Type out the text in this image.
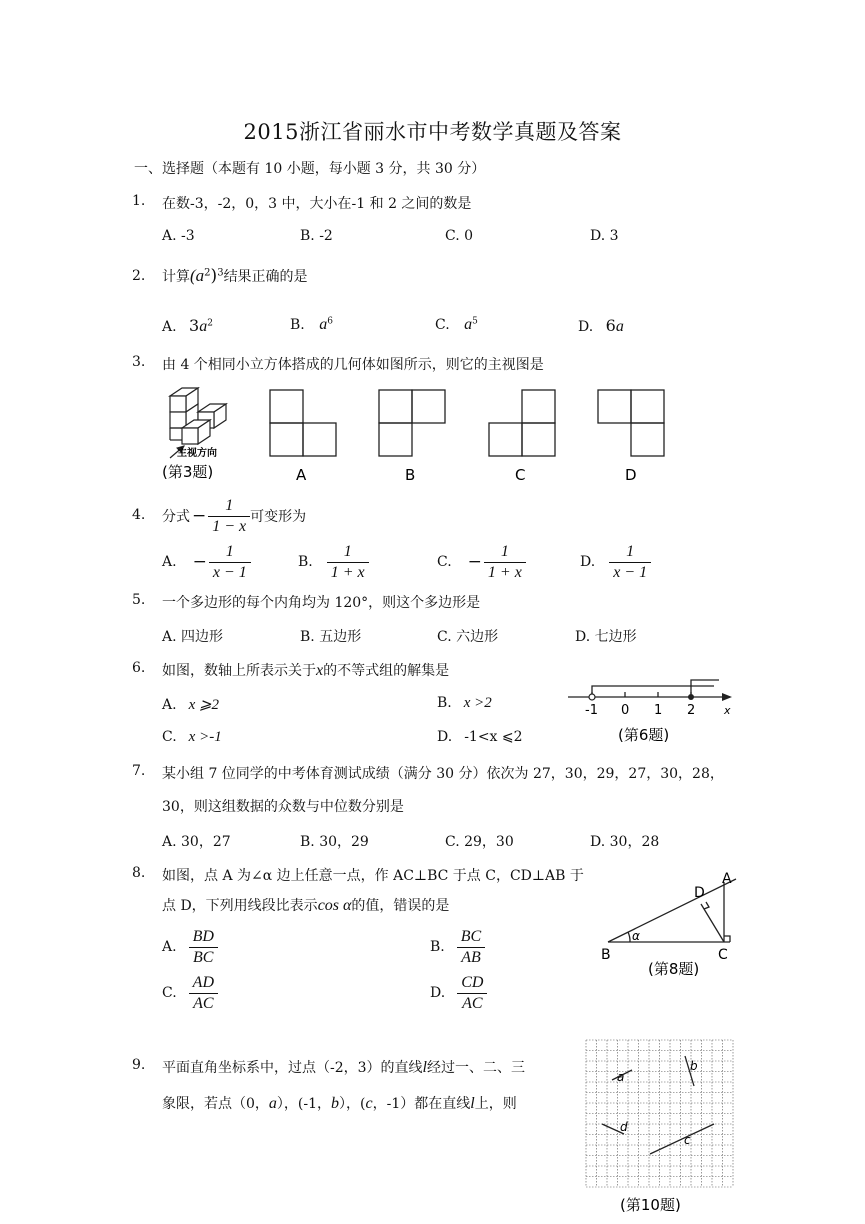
2015浙江省丽水市中考数学真题及答案
一、选择题（本题有 10 小题，每小题 3 分，共 30 分）
1. 在数-3，-2，0，3 中，大小在-1 和 2 之间的数是
A. -3	B. -2	C. 0	D. 3
2. 计算$(a^2)^3$结果正确的是
A. $3a^2$	B. $a^6$	C. $a^5$	D. 6a
3. 由 4 个相同小立方体搭成的几何体如图所示，则它的主视图是
主视方向
(第3题)	A	B	C	D
4. 分式 − $\frac{1}{1 - x}$ 可变形为
A. − $\frac{1}{x - 1}$	B. $\frac{1}{1 + x}$	C. − $\frac{1}{1 + x}$	D. $\frac{1}{x - 1}$
5. 一个多边形的每个内角均为 120°，则这个多边形是
A. 四边形	B. 五边形	C. 六边形	D. 七边形
6. 如图，数轴上所表示关于x的不等式组的解集是
A. x ⩾2	B. x >2
C. x >-1	D. -1<x ⩽2
-1 0 1 2	x
(第6题)
7. 某小组 7 位同学的中考体育测试成绩（满分 30 分）依次为 27，30，29，27，30，28，
30，则这组数据的众数与中位数分别是
A. 30，27	B. 30，29	C. 29，30	D. 30，28
8. 如图，点 A 为∠α 边上任意一点，作 AC⊥BC 于点 C，CD⊥AB 于
点 D，下列用线段比表示cos α的值，错误的是
A. $\frac{BD}{BC}$	B. $\frac{BC}{AB}$
C. $\frac{AD}{AC}$	D. $\frac{CD}{AC}$
A
B	C
D
α
(第8题)
9. 平面直角坐标系中，过点（-2，3）的直线l经过一、二、三
象限，若点（0，a），(-1，b），(c，-1）都在直线l上，则
a
b
c
d
(第10题)
